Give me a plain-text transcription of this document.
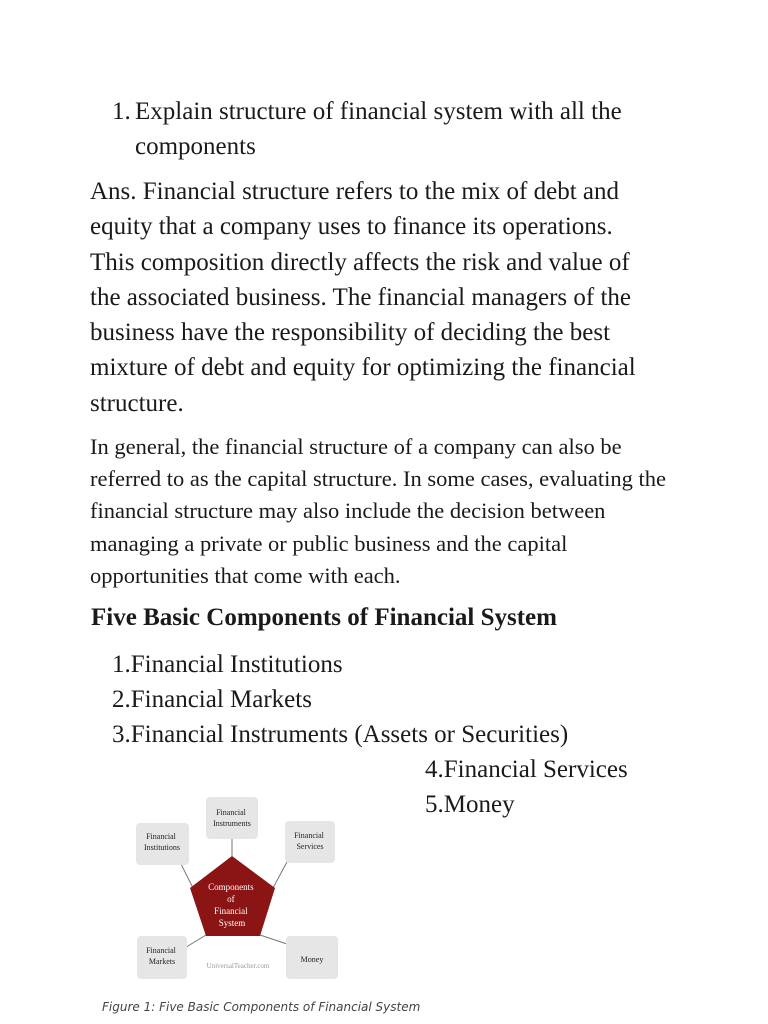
1. Explain structure of financial system with all the components

Ans. Financial structure refers to the mix of debt and equity that a company uses to finance its operations. This composition directly affects the risk and value of the associated business. The financial managers of the business have the responsibility of deciding the best mixture of debt and equity for optimizing the financial structure.

In general, the financial structure of a company can also be referred to as the capital structure. In some cases, evaluating the financial structure may also include the decision between managing a private or public business and the capital opportunities that come with each.

Five Basic Components of Financial System
1.Financial Institutions
2.Financial Markets
3.Financial Instruments (Assets or Securities)
4.Financial Services
5.Money
Components of Financial System
Financial Instruments
Financial Institutions
Financial Services
Financial Markets	Money
UniversalTeacher.com
Figure 1: Five Basic Components of Financial System
